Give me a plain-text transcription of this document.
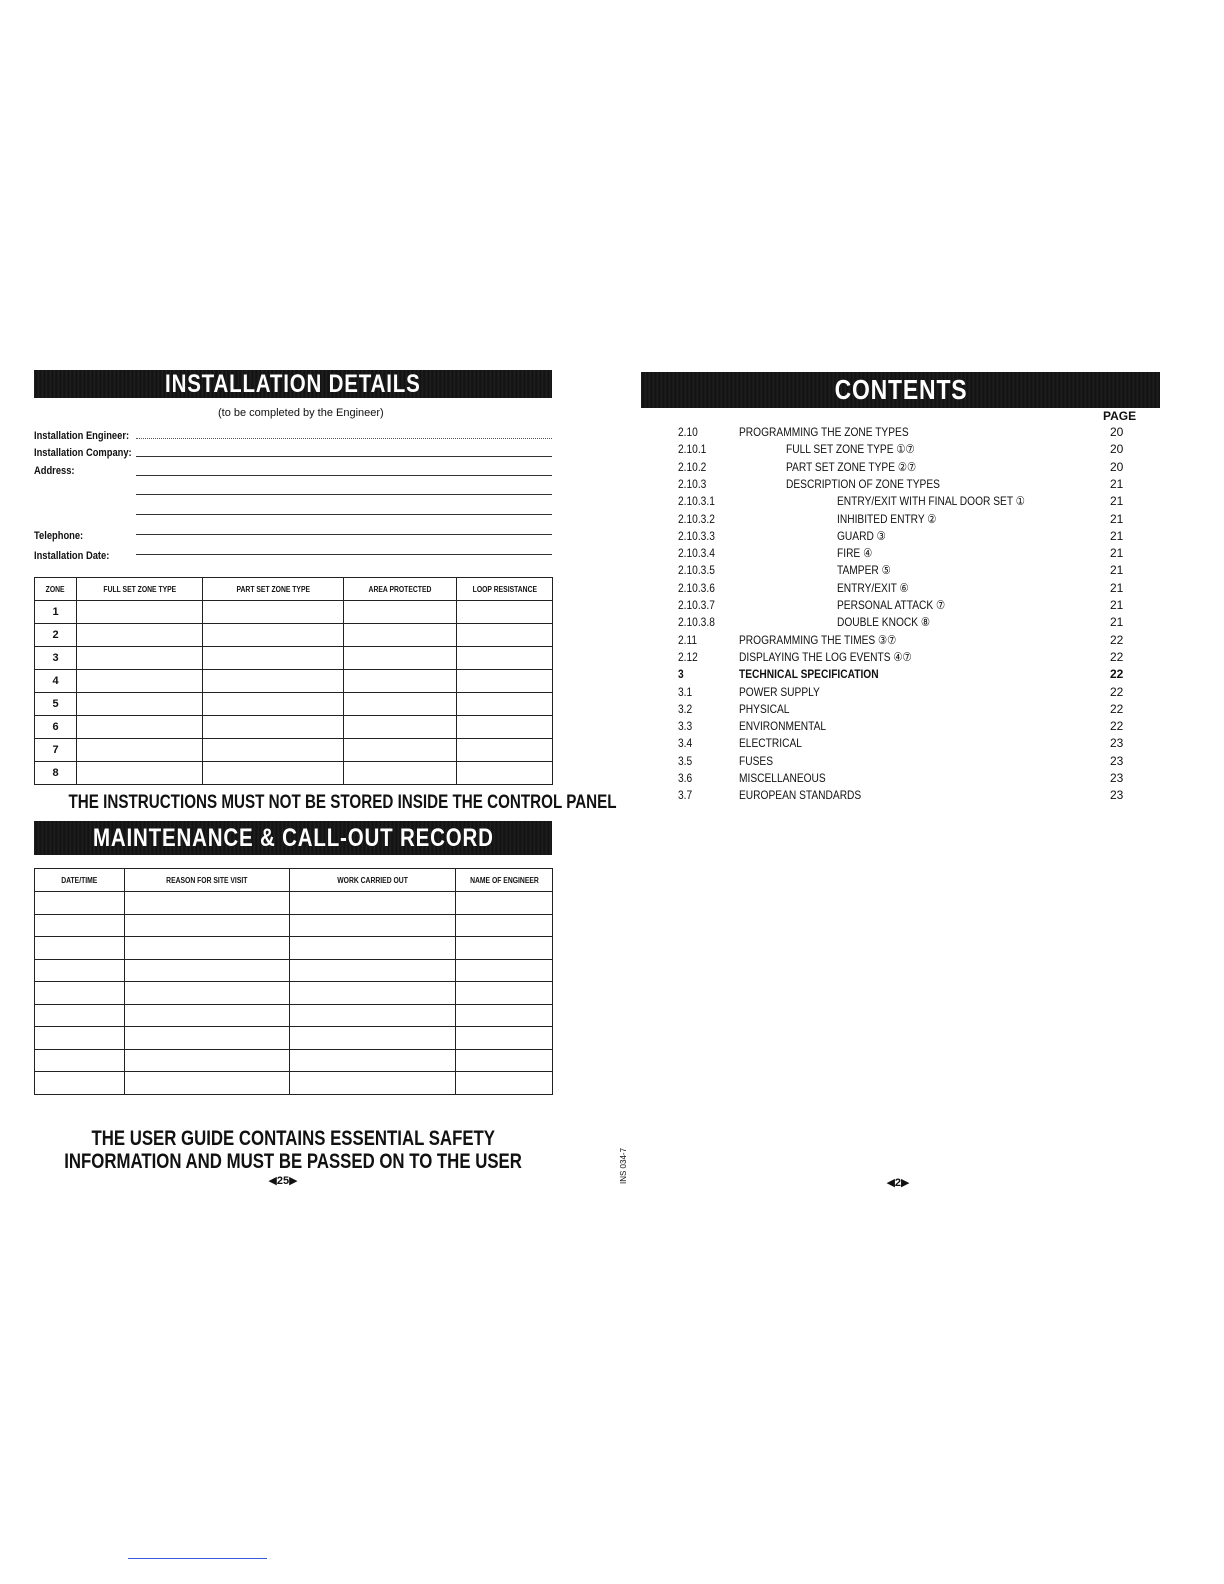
INSTALLATION DETAILS
(to be completed by the Engineer)
Installation Engineer:
Installation Company:
Address:
Telephone:
Installation Date:
ZONE	FULL SET ZONE TYPE	PART SET ZONE TYPE	AREA PROTECTED	LOOP RESISTANCE
1				
2				
3				
4				
5				
6				
7				
8				
THE INSTRUCTIONS MUST NOT BE STORED INSIDE THE CONTROL PANEL
MAINTENANCE & CALL-OUT RECORD
DATE/TIME	REASON FOR SITE VISIT	WORK CARRIED OUT	NAME OF ENGINEER

THE USER GUIDE CONTAINS ESSENTIAL SAFETY
INFORMATION AND MUST BE PASSED ON TO THE USER
◀25▶	INS 034-7
CONTENTS
PAGE
2.10	PROGRAMMING THE ZONE TYPES	20
2.10.1	FULL SET ZONE TYPE ①⑦	20
2.10.2	PART SET ZONE TYPE ②⑦	20
2.10.3	DESCRIPTION OF ZONE TYPES	21
2.10.3.1	ENTRY/EXIT WITH FINAL DOOR SET ①	21
2.10.3.2	INHIBITED ENTRY ②	21
2.10.3.3	GUARD ③	21
2.10.3.4	FIRE ④	21
2.10.3.5	TAMPER ⑤	21
2.10.3.6	ENTRY/EXIT ⑥	21
2.10.3.7	PERSONAL ATTACK ⑦	21
2.10.3.8	DOUBLE KNOCK ⑧	21
2.11	PROGRAMMING THE TIMES ③⑦	22
2.12	DISPLAYING THE LOG EVENTS ④⑦	22
3	TECHNICAL SPECIFICATION	22
3.1	POWER SUPPLY	22
3.2	PHYSICAL	22
3.3	ENVIRONMENTAL	22
3.4	ELECTRICAL	23
3.5	FUSES	23
3.6	MISCELLANEOUS	23
3.7	EUROPEAN STANDARDS	23
◀2▶
